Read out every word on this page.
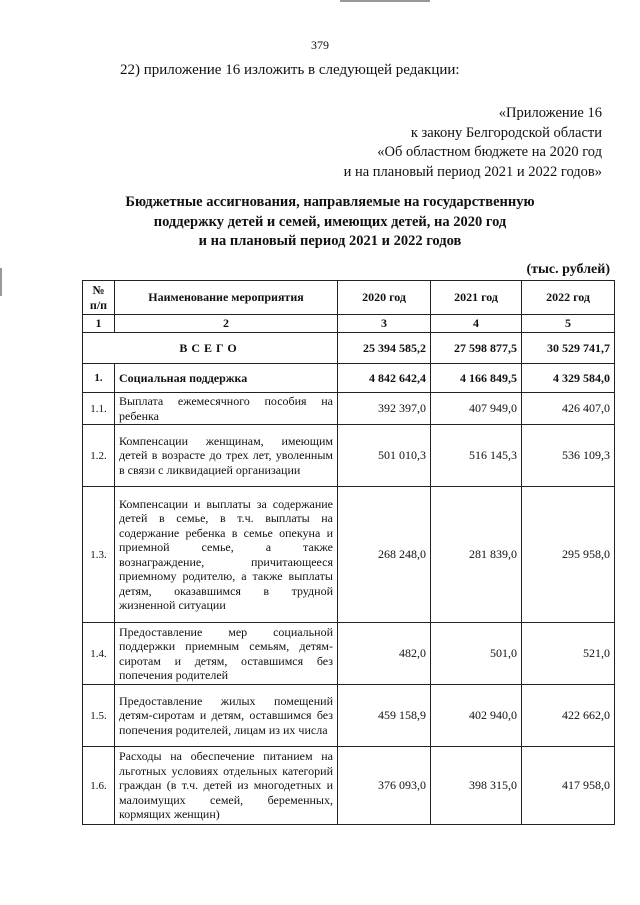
379
22) приложение 16 изложить в следующей редакции:
«Приложение 16
к закону Белгородской области
«Об областном бюджете на 2020 год
и на плановый период 2021 и 2022 годов»
Бюджетные ассигнования, направляемые на государственную
поддержку детей и семей, имеющих детей, на 2020 год
и на плановый период 2021 и 2022 годов
(тыс. рублей)
№ п/п	Наименование мероприятия	2020 год	2021 год	2022 год
1	2	3	4	5
ВСЕГО		25 394 585,2	27 598 877,5	30 529 741,7
1.	Социальная поддержка	4 842 642,4	4 166 849,5	4 329 584,0
1.1.	Выплата ежемесячного пособия на ребенка	392 397,0	407 949,0	426 407,0
1.2.	Компенсации женщинам, имеющим детей в возрасте до трех лет, уволенным в связи с ликвидацией организации	501 010,3	516 145,3	536 109,3
1.3.	Компенсации и выплаты за содержание детей в семье, в т.ч. выплаты на содержание ребенка в семье опекуна и приемной семье, а также вознаграждение, причитающееся приемному родителю, а также выплаты детям, оказавшимся в трудной жизненной ситуации	268 248,0	281 839,0	295 958,0
1.4.	Предоставление мер социальной поддержки приемным семьям, детям-сиротам и детям, оставшимся без попечения родителей	482,0	501,0	521,0
1.5.	Предоставление жилых помещений детям-сиротам и детям, оставшимся без попечения родителей, лицам из их числа	459 158,9	402 940,0	422 662,0
1.6.	Расходы на обеспечение питанием на льготных условиях отдельных категорий граждан (в т.ч. детей из многодетных и малоимущих семей, беременных, кормящих женщин)	376 093,0	398 315,0	417 958,0
